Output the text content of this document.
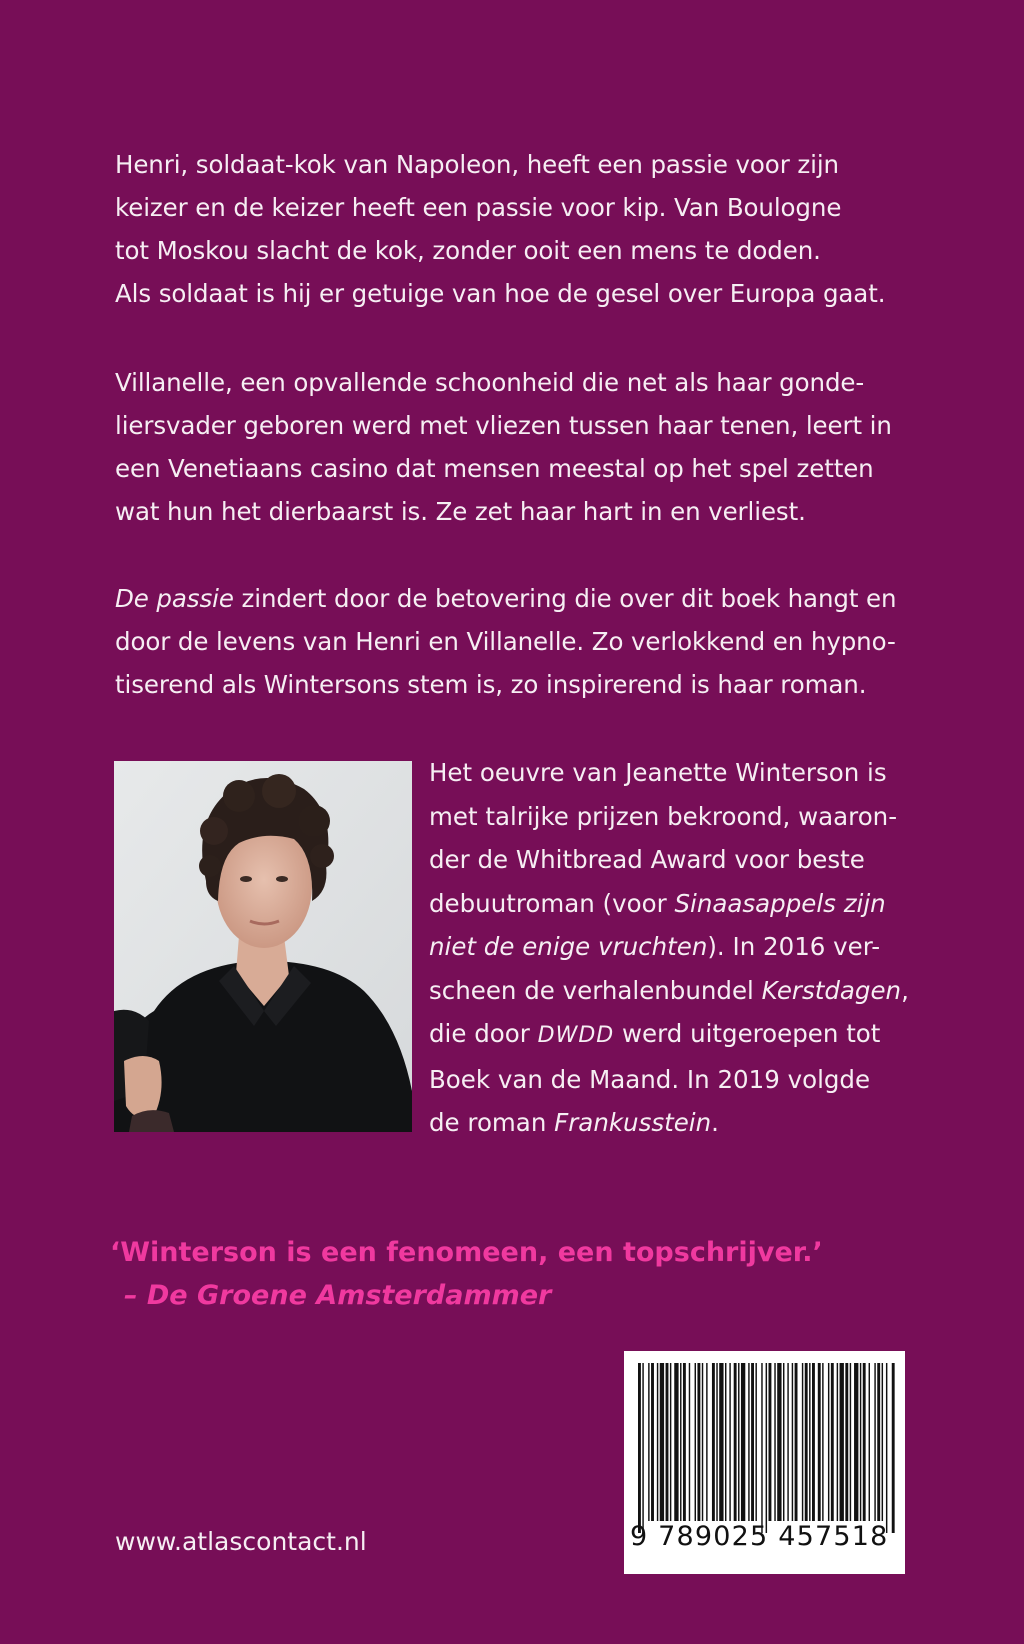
Henri, soldaat-kok van Napoleon, heeft een passie voor zijn
keizer en de keizer heeft een passie voor kip. Van Boulogne
tot Moskou slacht de kok, zonder ooit een mens te doden.
Als soldaat is hij er getuige van hoe de gesel over Europa gaat.

Villanelle, een opvallende schoonheid die net als haar gonde-
liersvader geboren werd met vliezen tussen haar tenen, leert in
een Venetiaans casino dat mensen meestal op het spel zetten
wat hun het dierbaarst is. Ze zet haar hart in en verliest.

De passie zindert door de betovering die over dit boek hangt en
door de levens van Henri en Villanelle. Zo verlokkend en hypno-
tiserend als Wintersons stem is, zo inspirerend is haar roman.

Het oeuvre van Jeanette Winterson is
met talrijke prijzen bekroond, waaron-
der de Whitbread Award voor beste
debuutroman (voor Sinaasappels zijn
niet de enige vruchten). In 2016 ver-
scheen de verhalenbundel Kerstdagen,
die door DWDD werd uitgeroepen tot
Boek van de Maand. In 2019 volgde
de roman Frankusstein.

‘Winterson is een fenomeen, een topschrijver.’
– De Groene Amsterdammer
www.atlascontact.nl	9 789025 457518
